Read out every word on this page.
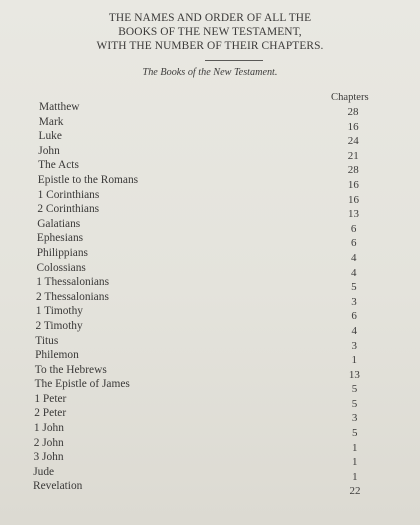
THE NAMES AND ORDER OF ALL THE
BOOKS OF THE NEW TESTAMENT,
WITH THE NUMBER OF THEIR CHAPTERS.
The Books of the New Testament.
Chapters
Matthew	28
Mark	16
Luke	24
John	21
The Acts	28
Epistle to the Romans	16
1 Corinthians	16
2 Corinthians	13
Galatians	6
Ephesians	6
Philippians	4
Colossians	4
1 Thessalonians	5
2 Thessalonians	3
1 Timothy	6
2 Timothy	4
Titus	3
Philemon	1
To the Hebrews	13
The Epistle of James	5
1 Peter	5
2 Peter	3
1 John	5
2 John	1
3 John	1
Jude	1
Revelation	22
